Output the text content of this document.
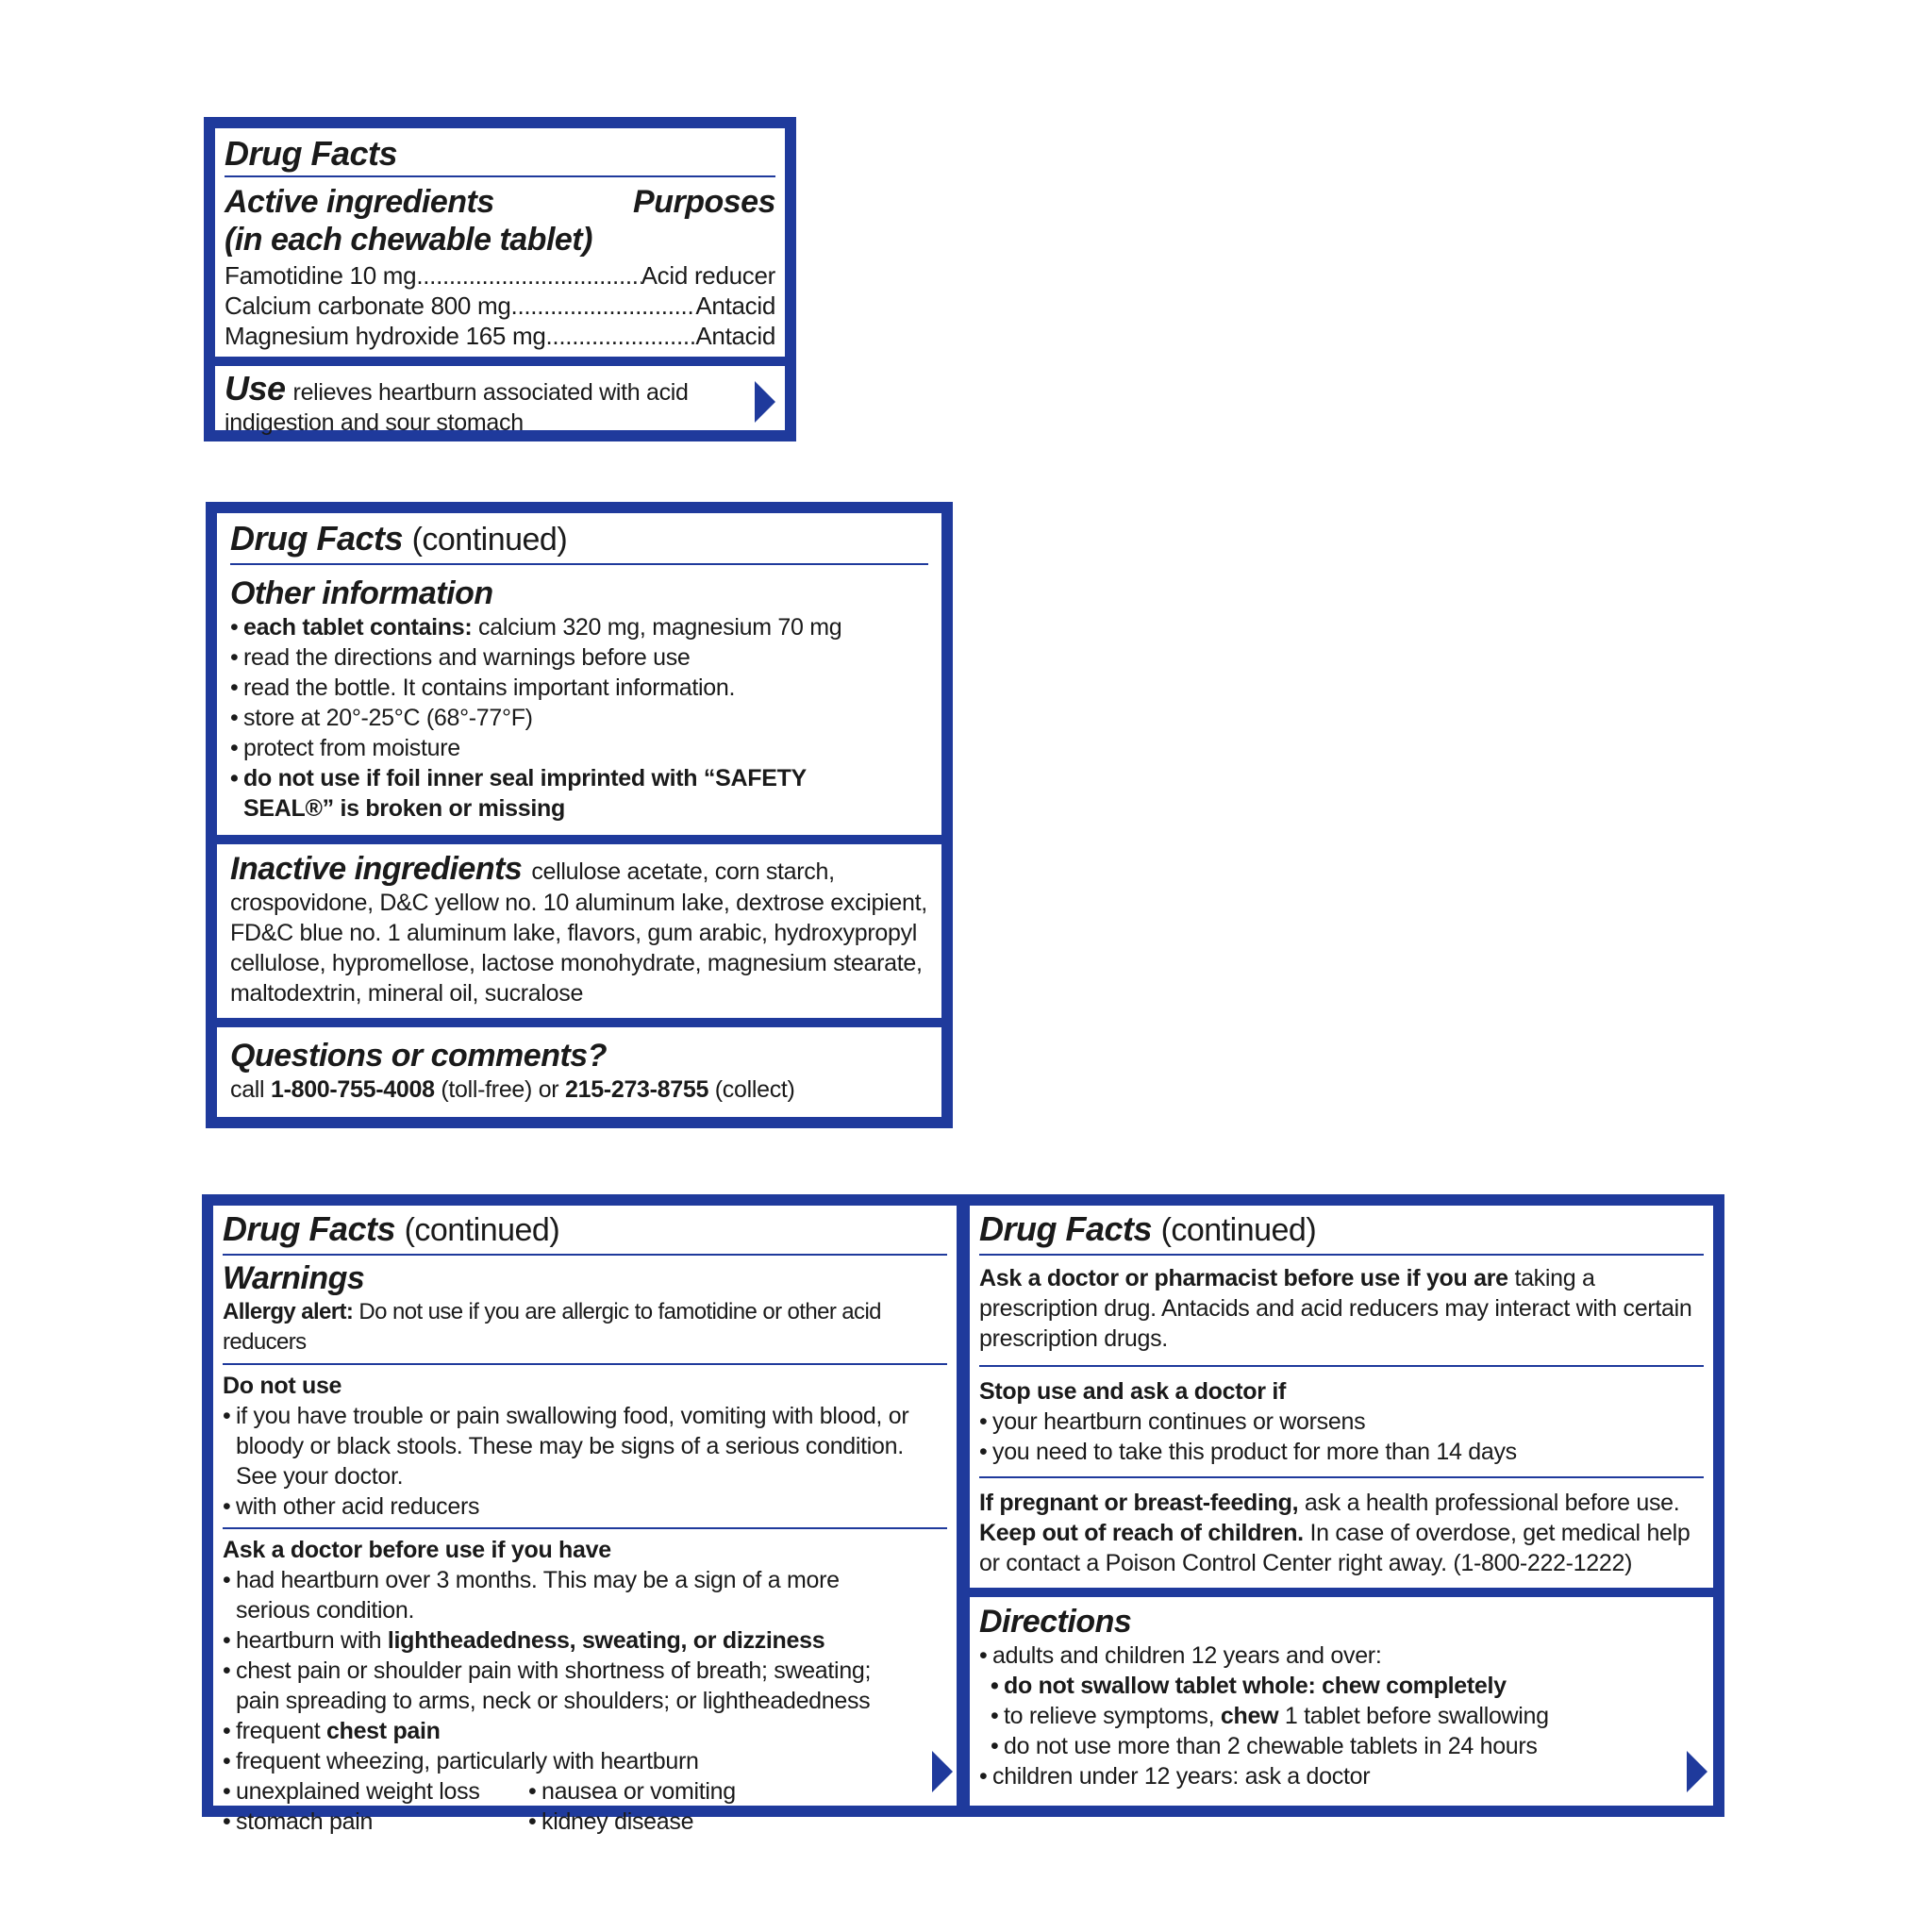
Drug Facts
Active ingredients
(in each chewable tablet)
Purposes
Famotidine 10 mg .....	Acid reducer
Calcium carbonate 800 mg .....	Antacid
Magnesium hydroxide 165 mg .....	Antacid
Use relieves heartburn associated with acid indigestion and sour stomach
Drug Facts (continued)
Other information
• each tablet contains: calcium 320 mg, magnesium 70 mg
• read the directions and warnings before use
• read the bottle. It contains important information.
• store at 20°-25°C (68°-77°F)
• protect from moisture
• do not use if foil inner seal imprinted with “SAFETY SEAL®” is broken or missing
Inactive ingredients cellulose acetate, corn starch, crospovidone, D&C yellow no. 10 aluminum lake, dextrose excipient, FD&C blue no. 1 aluminum lake, flavors, gum arabic, hydroxypropyl cellulose, hypromellose, lactose monohydrate, magnesium stearate, maltodextrin, mineral oil, sucralose
Questions or comments?
call 1-800-755-4008 (toll-free) or 215-273-8755 (collect)
Drug Facts (continued)
Warnings
Allergy alert: Do not use if you are allergic to famotidine or other acid reducers
Do not use
• if you have trouble or pain swallowing food, vomiting with blood, or bloody or black stools. These may be signs of a serious condition. See your doctor.
• with other acid reducers
Ask a doctor before use if you have
• had heartburn over 3 months. This may be a sign of a more serious condition.
• heartburn with lightheadedness, sweating, or dizziness
• chest pain or shoulder pain with shortness of breath; sweating; pain spreading to arms, neck or shoulders; or lightheadedness
• frequent chest pain
• frequent wheezing, particularly with heartburn
• unexplained weight loss	• nausea or vomiting
• stomach pain	• kidney disease
Drug Facts (continued)
Ask a doctor or pharmacist before use if you are taking a prescription drug. Antacids and acid reducers may interact with certain prescription drugs.
Stop use and ask a doctor if
• your heartburn continues or worsens
• you need to take this product for more than 14 days
If pregnant or breast-feeding, ask a health professional before use.
Keep out of reach of children. In case of overdose, get medical help or contact a Poison Control Center right away. (1-800-222-1222)
Directions
• adults and children 12 years and over:
• do not swallow tablet whole: chew completely
• to relieve symptoms, chew 1 tablet before swallowing
• do not use more than 2 chewable tablets in 24 hours
• children under 12 years: ask a doctor
